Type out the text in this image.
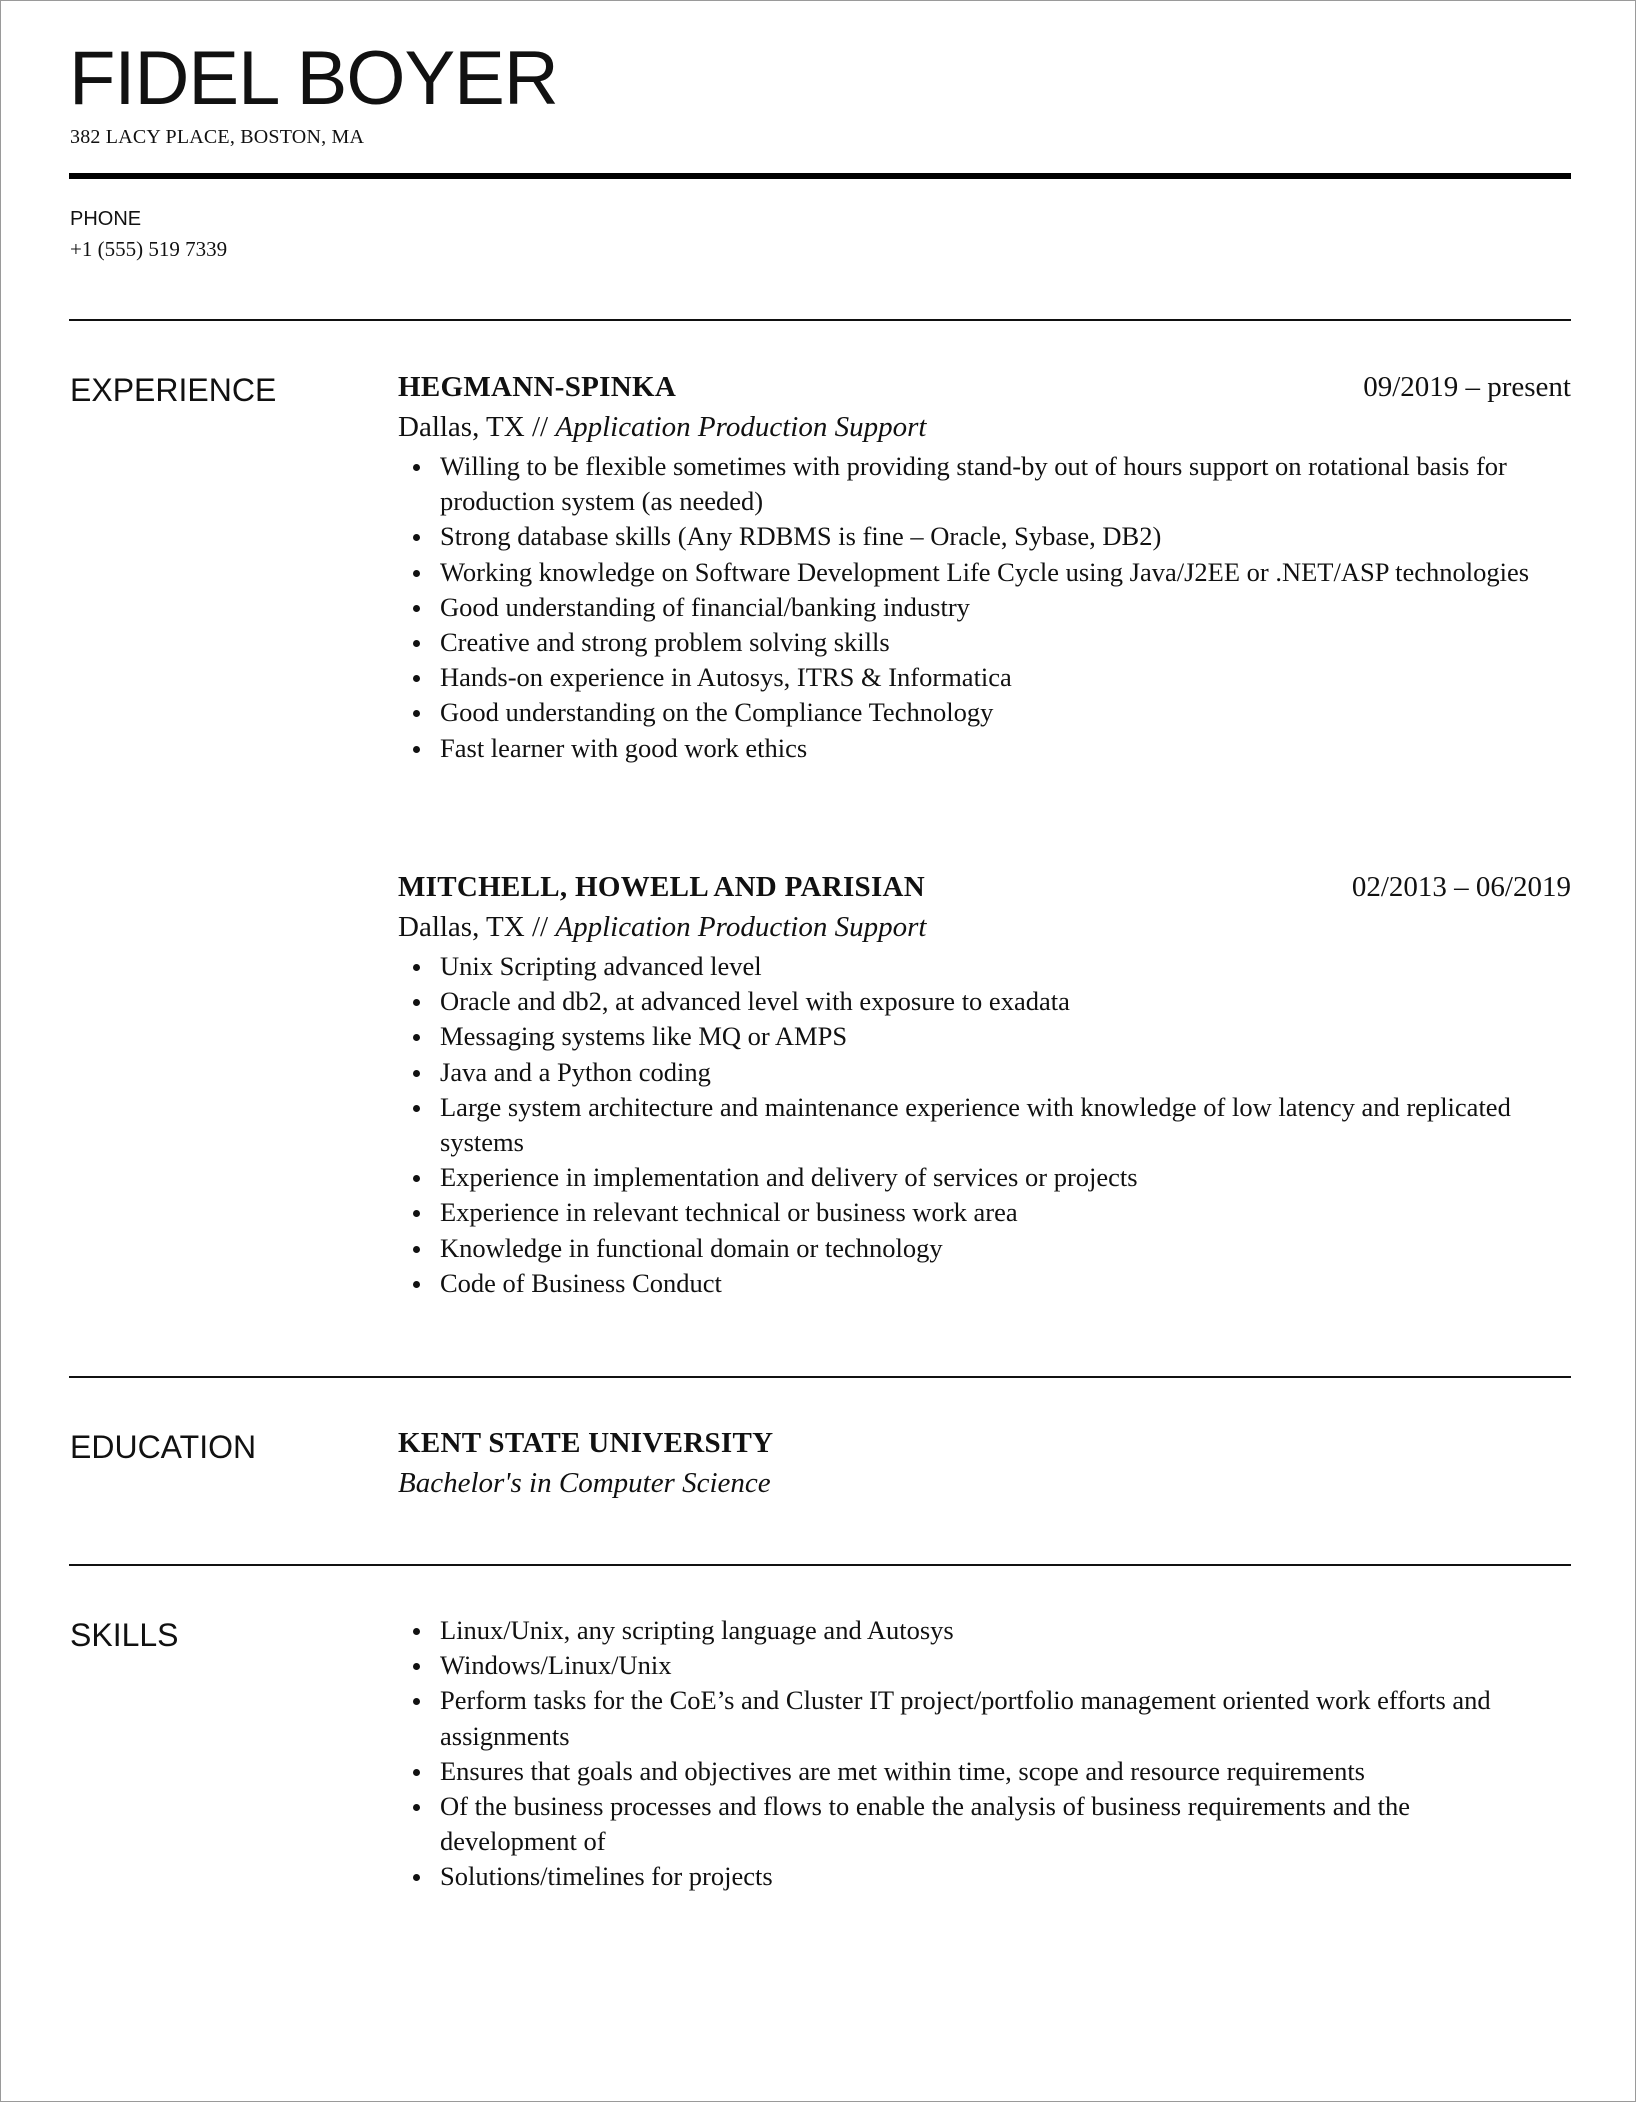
FIDEL BOYER
382 LACY PLACE, BOSTON, MA
PHONE
+1 (555) 519 7339
EXPERIENCE	HEGMANN-SPINKA	09/2019 – present
Dallas, TX // Application Production Support
Willing to be flexible sometimes with providing stand-by out of hours support on rotational basis for production system (as needed)
Strong database skills (Any RDBMS is fine – Oracle, Sybase, DB2)
Working knowledge on Software Development Life Cycle using Java/J2EE or .NET/ASP technologies
Good understanding of financial/banking industry
Creative and strong problem solving skills
Hands-on experience in Autosys, ITRS & Informatica
Good understanding on the Compliance Technology
Fast learner with good work ethics
MITCHELL, HOWELL AND PARISIAN	02/2013 – 06/2019
Dallas, TX // Application Production Support
Unix Scripting advanced level
Oracle and db2, at advanced level with exposure to exadata
Messaging systems like MQ or AMPS
Java and a Python coding
Large system architecture and maintenance experience with knowledge of low latency and replicated systems
Experience in implementation and delivery of services or projects
Experience in relevant technical or business work area
Knowledge in functional domain or technology
Code of Business Conduct
EDUCATION	KENT STATE UNIVERSITY
Bachelor's in Computer Science
SKILLS	Linux/Unix, any scripting language and Autosys
Windows/Linux/Unix
Perform tasks for the CoE’s and Cluster IT project/portfolio management oriented work efforts and assignments
Ensures that goals and objectives are met within time, scope and resource requirements
Of the business processes and flows to enable the analysis of business requirements and the development of
Solutions/timelines for projects
